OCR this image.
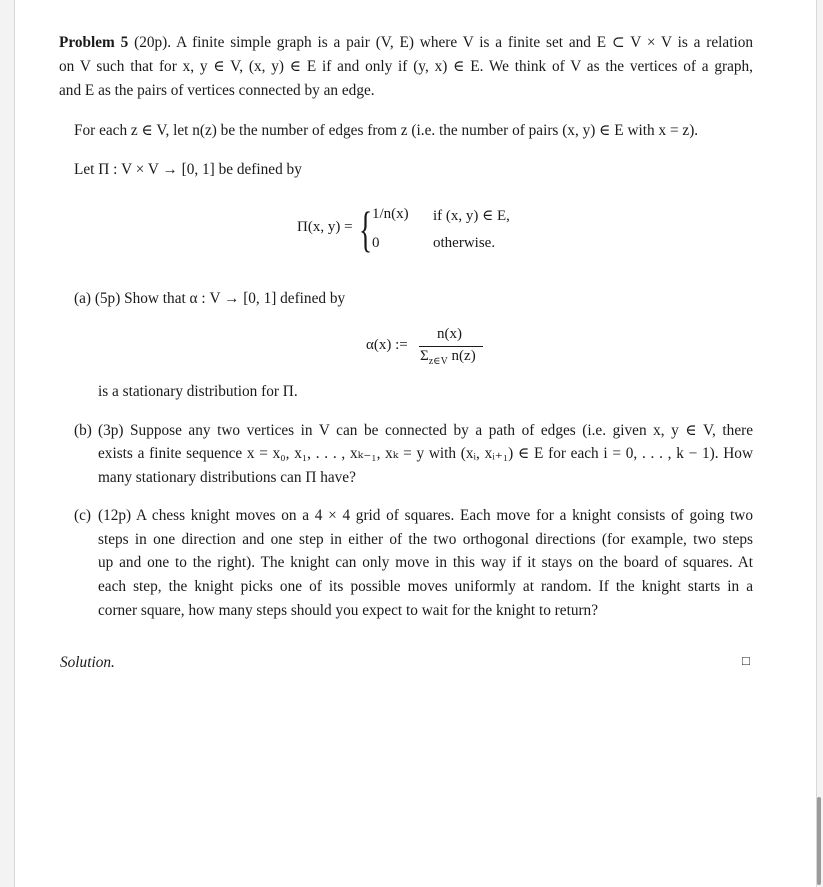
Problem 5 (20p). A finite simple graph is a pair (V, E) where V is a finite set and E ⊂ V × V is a relation
on V such that for x, y ∈ V, (x, y) ∈ E if and only if (y, x) ∈ E. We think of V as the vertices of a graph,
and E as the pairs of vertices connected by an edge.
For each z ∈ V, let n(z) be the number of edges from z (i.e. the number of pairs (x, y) ∈ E with x = z).
Let Π : V × V → [0, 1] be defined by
Π(x, y) = { 1/n(x) if (x, y) ∈ E,
0	otherwise.
(a) (5p) Show that α : V → [0, 1] defined by
α(x) :=
n(x)
$\Sigma_{z\in V}$ n(z)
is a stationary distribution for Π.
(b) (3p) Suppose any two vertices in V can be connected by a path of edges (i.e. given x, y ∈ V, there
exists a finite sequence x = x₀, x₁, . . . , xₖ₋₁, xₖ = y with (xᵢ, xᵢ₊₁) ∈ E for each i = 0, . . . , k − 1). How
many stationary distributions can Π have?
(c) (12p) A chess knight moves on a 4 × 4 grid of squares. Each move for a knight consists of going two
steps in one direction and one step in either of the two orthogonal directions (for example, two steps
up and one to the right). The knight can only move in this way if it stays on the board of squares. At
each step, the knight picks one of its possible moves uniformly at random. If the knight starts in a
corner square, how many steps should you expect to wait for the knight to return?
Solution.	□
